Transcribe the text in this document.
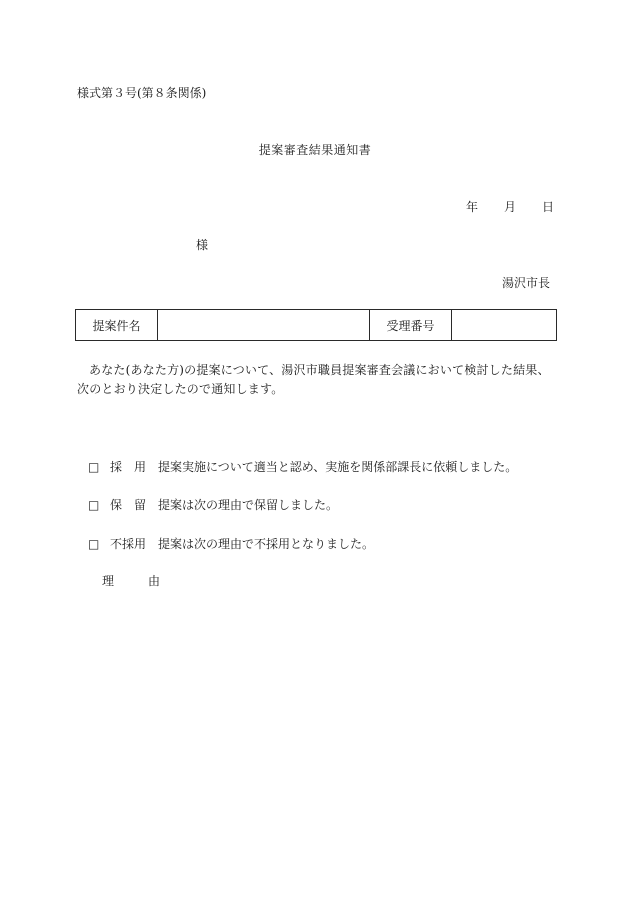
様式第３号(第８条関係)
提案審査結果通知書
年 月 日
様
湯沢市長
提案件名		受理番号	
あなた(あなた方)の提案について、湯沢市職員提案審査会議において検討した結果、次のとおり決定したので通知します。
□ 採　用 提案実施について適当と認め、実施を関係部課長に依頼しました。
□ 保　留 提案は次の理由で保留しました。
□ 不採用 提案は次の理由で不採用となりました。
理	由
